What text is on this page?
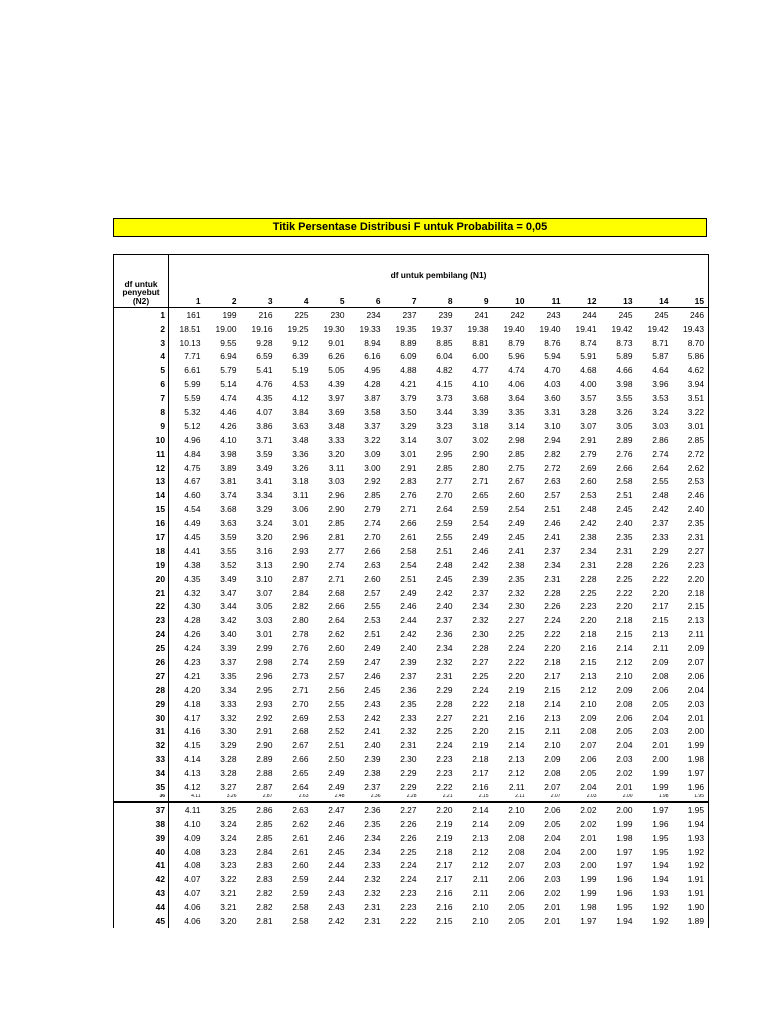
Titik Persentase Distribusi F untuk Probabilita = 0,05
df untuk
penyebut
(N2)	df untuk pembilang (N1)														
	1	2	3	4	5	6	7	8	9	10	11	12	13	14	15
1	161	199	216	225	230	234	237	239	241	242	243	244	245	245	246
2	18.51	19.00	19.16	19.25	19.30	19.33	19.35	19.37	19.38	19.40	19.40	19.41	19.42	19.42	19.43
3	10.13	9.55	9.28	9.12	9.01	8.94	8.89	8.85	8.81	8.79	8.76	8.74	8.73	8.71	8.70
4	7.71	6.94	6.59	6.39	6.26	6.16	6.09	6.04	6.00	5.96	5.94	5.91	5.89	5.87	5.86
5	6.61	5.79	5.41	5.19	5.05	4.95	4.88	4.82	4.77	4.74	4.70	4.68	4.66	4.64	4.62
6	5.99	5.14	4.76	4.53	4.39	4.28	4.21	4.15	4.10	4.06	4.03	4.00	3.98	3.96	3.94
7	5.59	4.74	4.35	4.12	3.97	3.87	3.79	3.73	3.68	3.64	3.60	3.57	3.55	3.53	3.51
8	5.32	4.46	4.07	3.84	3.69	3.58	3.50	3.44	3.39	3.35	3.31	3.28	3.26	3.24	3.22
9	5.12	4.26	3.86	3.63	3.48	3.37	3.29	3.23	3.18	3.14	3.10	3.07	3.05	3.03	3.01
10	4.96	4.10	3.71	3.48	3.33	3.22	3.14	3.07	3.02	2.98	2.94	2.91	2.89	2.86	2.85
11	4.84	3.98	3.59	3.36	3.20	3.09	3.01	2.95	2.90	2.85	2.82	2.79	2.76	2.74	2.72
12	4.75	3.89	3.49	3.26	3.11	3.00	2.91	2.85	2.80	2.75	2.72	2.69	2.66	2.64	2.62
13	4.67	3.81	3.41	3.18	3.03	2.92	2.83	2.77	2.71	2.67	2.63	2.60	2.58	2.55	2.53
14	4.60	3.74	3.34	3.11	2.96	2.85	2.76	2.70	2.65	2.60	2.57	2.53	2.51	2.48	2.46
15	4.54	3.68	3.29	3.06	2.90	2.79	2.71	2.64	2.59	2.54	2.51	2.48	2.45	2.42	2.40
16	4.49	3.63	3.24	3.01	2.85	2.74	2.66	2.59	2.54	2.49	2.46	2.42	2.40	2.37	2.35
17	4.45	3.59	3.20	2.96	2.81	2.70	2.61	2.55	2.49	2.45	2.41	2.38	2.35	2.33	2.31
18	4.41	3.55	3.16	2.93	2.77	2.66	2.58	2.51	2.46	2.41	2.37	2.34	2.31	2.29	2.27
19	4.38	3.52	3.13	2.90	2.74	2.63	2.54	2.48	2.42	2.38	2.34	2.31	2.28	2.26	2.23
20	4.35	3.49	3.10	2.87	2.71	2.60	2.51	2.45	2.39	2.35	2.31	2.28	2.25	2.22	2.20
21	4.32	3.47	3.07	2.84	2.68	2.57	2.49	2.42	2.37	2.32	2.28	2.25	2.22	2.20	2.18
22	4.30	3.44	3.05	2.82	2.66	2.55	2.46	2.40	2.34	2.30	2.26	2.23	2.20	2.17	2.15
23	4.28	3.42	3.03	2.80	2.64	2.53	2.44	2.37	2.32	2.27	2.24	2.20	2.18	2.15	2.13
24	4.26	3.40	3.01	2.78	2.62	2.51	2.42	2.36	2.30	2.25	2.22	2.18	2.15	2.13	2.11
25	4.24	3.39	2.99	2.76	2.60	2.49	2.40	2.34	2.28	2.24	2.20	2.16	2.14	2.11	2.09
26	4.23	3.37	2.98	2.74	2.59	2.47	2.39	2.32	2.27	2.22	2.18	2.15	2.12	2.09	2.07
27	4.21	3.35	2.96	2.73	2.57	2.46	2.37	2.31	2.25	2.20	2.17	2.13	2.10	2.08	2.06
28	4.20	3.34	2.95	2.71	2.56	2.45	2.36	2.29	2.24	2.19	2.15	2.12	2.09	2.06	2.04
29	4.18	3.33	2.93	2.70	2.55	2.43	2.35	2.28	2.22	2.18	2.14	2.10	2.08	2.05	2.03
30	4.17	3.32	2.92	2.69	2.53	2.42	2.33	2.27	2.21	2.16	2.13	2.09	2.06	2.04	2.01
31	4.16	3.30	2.91	2.68	2.52	2.41	2.32	2.25	2.20	2.15	2.11	2.08	2.05	2.03	2.00
32	4.15	3.29	2.90	2.67	2.51	2.40	2.31	2.24	2.19	2.14	2.10	2.07	2.04	2.01	1.99
33	4.14	3.28	2.89	2.66	2.50	2.39	2.30	2.23	2.18	2.13	2.09	2.06	2.03	2.00	1.98
34	4.13	3.28	2.88	2.65	2.49	2.38	2.29	2.23	2.17	2.12	2.08	2.05	2.02	1.99	1.97
35	4.12	3.27	2.87	2.64	2.49	2.37	2.29	2.22	2.16	2.11	2.07	2.04	2.01	1.99	1.96
36	4.11	3.26	2.87	2.63	2.48	2.36	2.28	2.21	2.15	2.11	2.07	2.03	2.00	1.98	1.95
37	4.11	3.25	2.86	2.63	2.47	2.36	2.27	2.20	2.14	2.10	2.06	2.02	2.00	1.97	1.95
38	4.10	3.24	2.85	2.62	2.46	2.35	2.26	2.19	2.14	2.09	2.05	2.02	1.99	1.96	1.94
39	4.09	3.24	2.85	2.61	2.46	2.34	2.26	2.19	2.13	2.08	2.04	2.01	1.98	1.95	1.93
40	4.08	3.23	2.84	2.61	2.45	2.34	2.25	2.18	2.12	2.08	2.04	2.00	1.97	1.95	1.92
41	4.08	3.23	2.83	2.60	2.44	2.33	2.24	2.17	2.12	2.07	2.03	2.00	1.97	1.94	1.92
42	4.07	3.22	2.83	2.59	2.44	2.32	2.24	2.17	2.11	2.06	2.03	1.99	1.96	1.94	1.91
43	4.07	3.21	2.82	2.59	2.43	2.32	2.23	2.16	2.11	2.06	2.02	1.99	1.96	1.93	1.91
44	4.06	3.21	2.82	2.58	2.43	2.31	2.23	2.16	2.10	2.05	2.01	1.98	1.95	1.92	1.90
45	4.06	3.20	2.81	2.58	2.42	2.31	2.22	2.15	2.10	2.05	2.01	1.97	1.94	1.92	1.89
